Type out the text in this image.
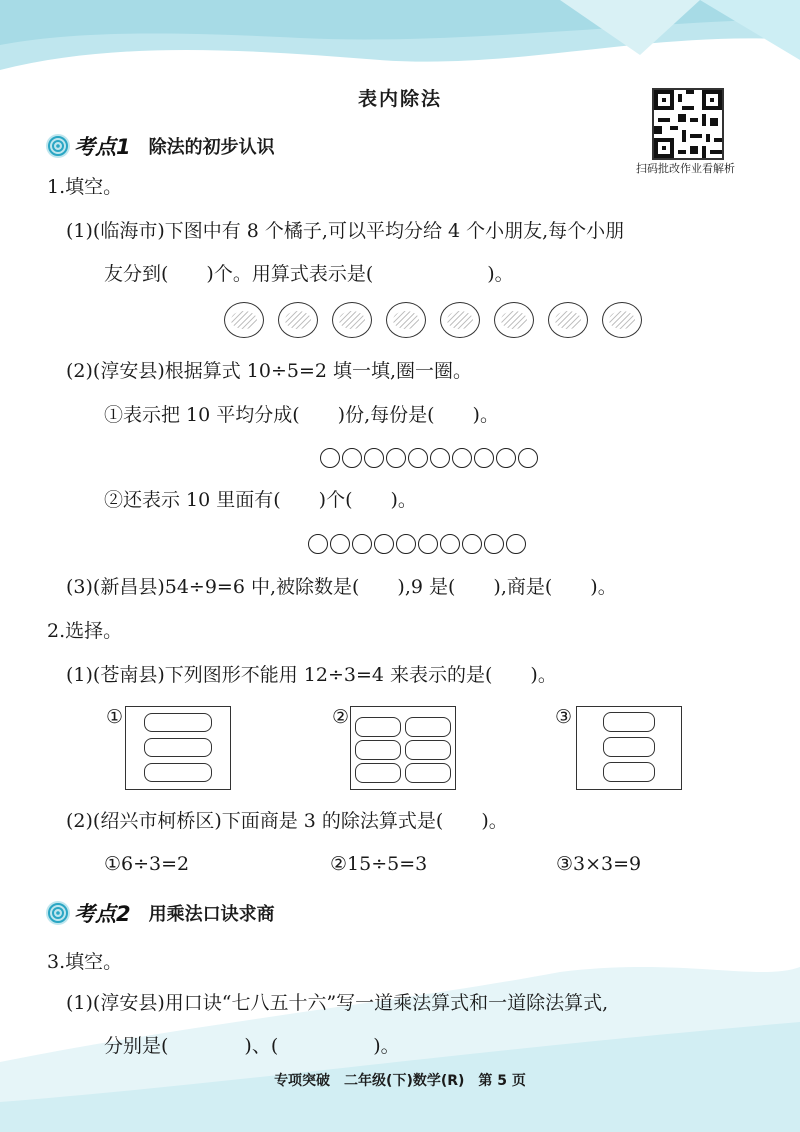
表内除法
扫码批改作业看解析
考点1 除法的初步认识
1.填空。
(1)(临海市)下图中有 8 个橘子,可以平均分给 4 个小朋友,每个小朋
友分到(　　)个。用算式表示是(　　　　　　)。
(2)(淳安县)根据算式 10÷5=2 填一填,圈一圈。
①表示把 10 平均分成(　　)份,每份是(　　)。
②还表示 10 里面有(　　)个(　　)。
(3)(新昌县)54÷9=6 中,被除数是(　　),9 是(　　),商是(　　)。
2.选择。
(1)(苍南县)下列图形不能用 12÷3=4 来表示的是(　　)。
①	②	③
(2)(绍兴市柯桥区)下面商是 3 的除法算式是(　　)。
①6÷3=2	②15÷5=3	③3×3=9
考点2 用乘法口诀求商
3.填空。
(1)(淳安县)用口诀“七八五十六”写一道乘法算式和一道除法算式,
分别是(　　　　)、(　　　　　)。
专项突破　二年级(下)数学(R)　第 5 页
